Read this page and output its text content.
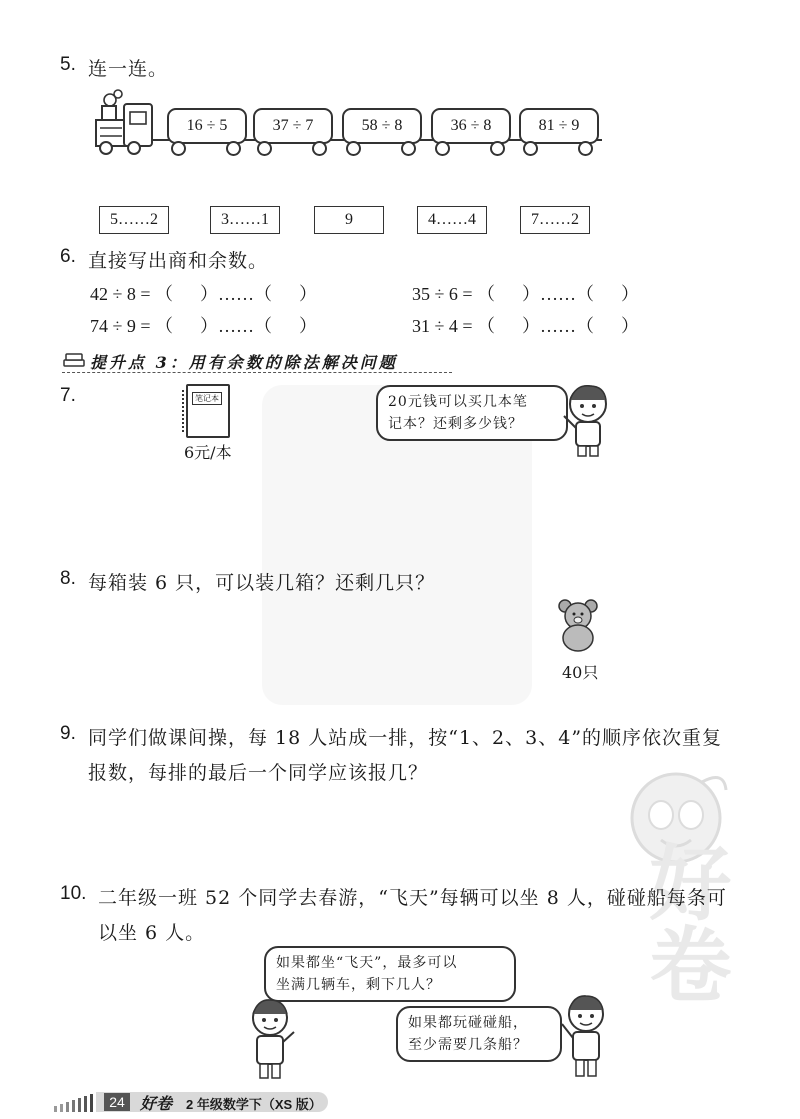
5. 连一连。
16 ÷ 5	37 ÷ 7	58 ÷ 8	36 ÷ 8	81 ÷ 9
5……2	3……1	9	4……4	7……2
6. 直接写出商和余数。
42 ÷ 8 = （      ）……（      ）	35 ÷ 6 = （      ）……（      ）
74 ÷ 9 = （      ）……（      ）	31 ÷ 4 = （      ）……（      ）
提升点 3：用有余数的除法解决问题
7.	笔记本
6元/本
20元钱可以买几本笔
记本？还剩多少钱？
8. 每箱装 6 只，可以装几箱？还剩几只？
40只
9. 同学们做课间操，每 18 人站成一排，按“1、2、3、4”的顺序依次重复
报数，每排的最后一个同学应该报几？
好卷
10. 二年级一班 52 个同学去春游，“飞天”每辆可以坐 8 人，碰碰船每条可
以坐 6 人。
如果都坐“飞天”，最多可以
坐满几辆车，剩下几人？
如果都玩碰碰船，
至少需要几条船？
24 好卷 2 年级数学下（XS 版）
